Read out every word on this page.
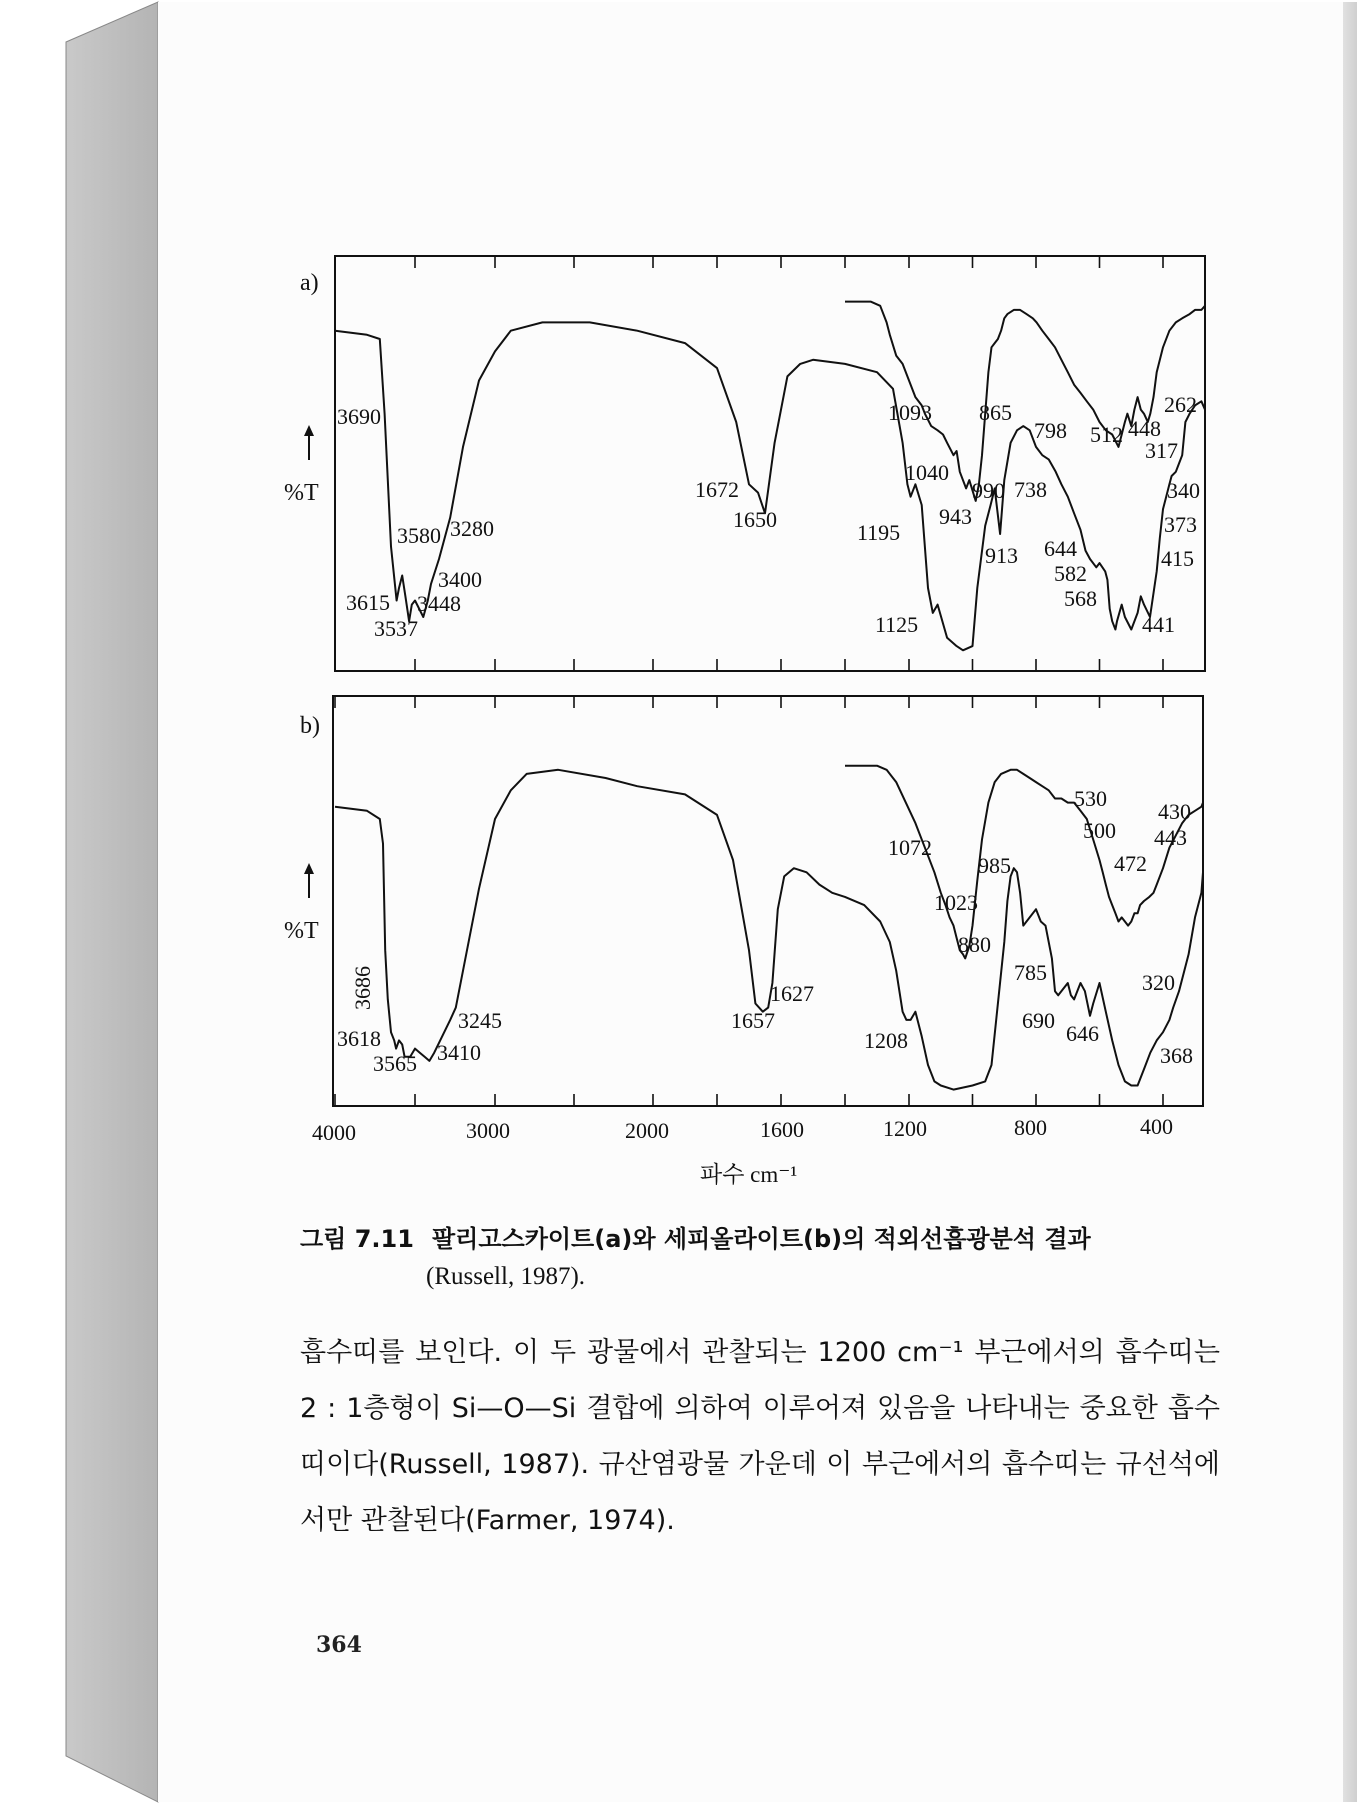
a)
b)
%T
%T
4000	3000	2000	1600	1200	800	400
파수 cm⁻¹
3690
3580 3280
3400
3615 3448
3537
1672
1650
1093
1040
1195
1125
865
990
943
913
798
738
644
582
568
512 448
262
317
340
373
415
441
1072
1023
985
530
500
430
443
472
880
785
690
646
320
368
3686
3618
3565 3410
3245	1657
1627
1208
그림 7.11 팔리고스카이트(a)와 세피올라이트(b)의 적외선흡광분석 결과
(Russell, 1987).

흡수띠를 보인다. 이 두 광물에서 관찰되는 1200 cm⁻¹ 부근에서의 흡수띠는 2 : 1층형이 Si—O—Si 결합에 의하여 이루어져 있음을 나타내는 중요한 흡수띠이다(Russell, 1987). 규산염광물 가운데 이 부근에서의 흡수띠는 규선석에서만 관찰된다(Farmer, 1974).

364
